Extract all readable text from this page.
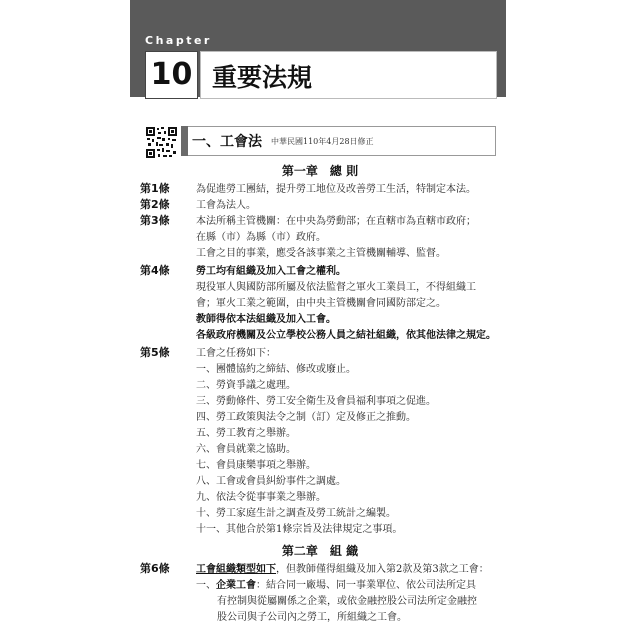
Chapter
10 重要法規
一、工會法 中華民國110年4月28日修正
第一章　總 則
第1條	為促進勞工團結，提升勞工地位及改善勞工生活，特制定本法。
第2條	工會為法人。
第3條	本法所稱主管機關：在中央為勞動部；在直轄市為直轄市政府；
在縣（市）為縣（市）政府。
工會之目的事業，應受各該事業之主管機關輔導、監督。
第4條	勞工均有組織及加入工會之權利。
現役軍人與國防部所屬及依法監督之軍火工業員工，不得組織工
會；軍火工業之範圍，由中央主管機關會同國防部定之。
教師得依本法組織及加入工會。
各級政府機關及公立學校公務人員之結社組織，依其他法律之規定。
第5條	工會之任務如下：
一、團體協約之締結、修改或廢止。
二、勞資爭議之處理。
三、勞動條件、勞工安全衛生及會員福利事項之促進。
四、勞工政策與法令之制（訂）定及修正之推動。
五、勞工教育之舉辦。
六、會員就業之協助。
七、會員康樂事項之舉辦。
八、工會或會員糾紛事件之調處。
九、依法令從事事業之舉辦。
十、勞工家庭生計之調查及勞工統計之編製。
十一、其他合於第1條宗旨及法律規定之事項。
第二章　組 織
第6條	工會組織類型如下，但教師僅得組織及加入第2款及第3款之工會：
一、企業工會：結合同一廠場、同一事業單位、依公司法所定具
有控制與從屬關係之企業，或依金融控股公司法所定金融控
股公司與子公司內之勞工，所組織之工會。
